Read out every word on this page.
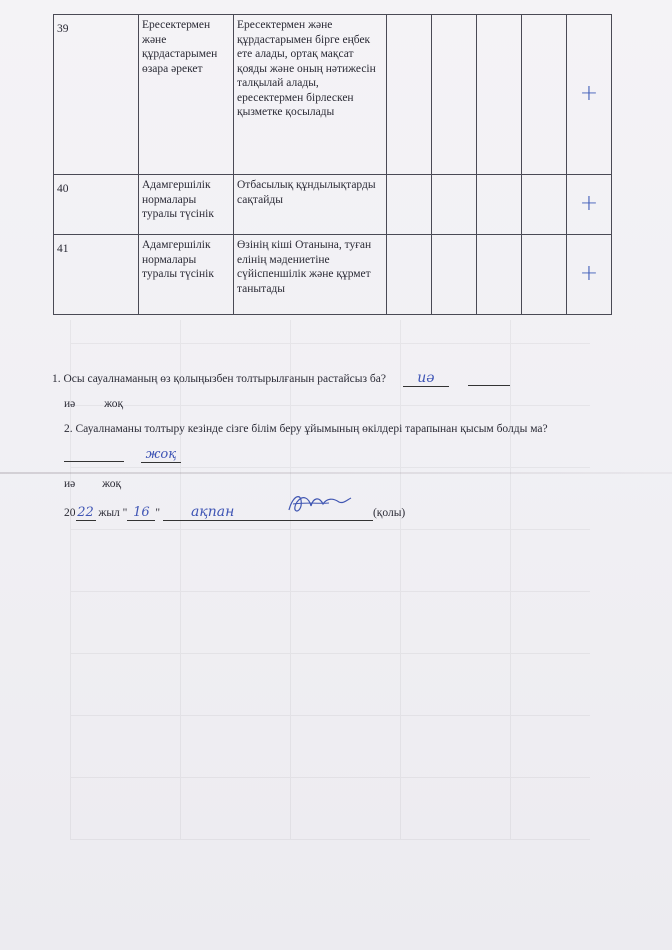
39	Ересектермен және құрдастарымен өзара әрекет	Ересектермен және құрдастарымен бірге еңбек ете алады, ортақ мақсат қояды және оның нәтижесін талқылай алады, ересектермен бірлескен қызметке қосылады					+

40	Адамгершілік нормалары туралы түсінік	Отбасылық құндылықтарды сақтайды					+

41	Адамгершілік нормалары туралы түсінік	Өзінің кіші Отанына, туған елінің мәдениетіне сүйіспеншілік және құрмет танытады					+
1. Осы сауалнаманың өз қолыңызбен толтырылғанын растайсыз ба? иә
иә	жоқ
2. Сауалнаманы толтыру кезінде сізге білім беру ұйымының өкілдері тарапынан қысым болды ма?
жоқ
иә жоқ
20 22 жыл " 16 " ақпан	(қолы)
